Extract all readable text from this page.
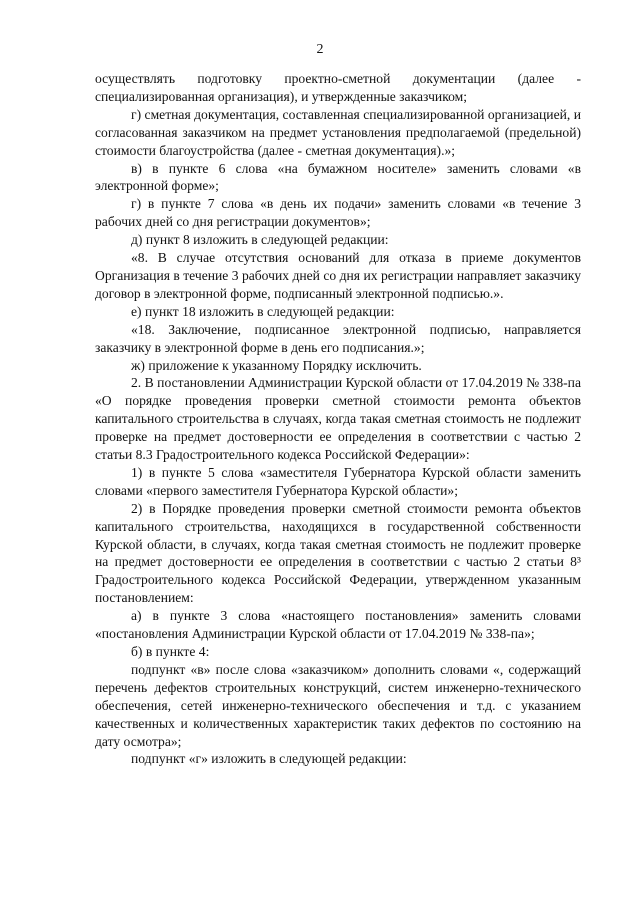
2

осуществлять подготовку проектно-сметной документации (далее - специализированная организация), и утвержденные заказчиком;

г) сметная документация, составленная специализированной организацией, и согласованная заказчиком на предмет установления предполагаемой (предельной) стоимости благоустройства (далее - сметная документация).»;

в) в пункте 6 слова «на бумажном носителе» заменить словами «в электронной форме»;

г) в пункте 7 слова «в день их подачи» заменить словами «в течение 3 рабочих дней со дня регистрации документов»;

д) пункт 8 изложить в следующей редакции:

«8. В случае отсутствия оснований для отказа в приеме документов Организация в течение 3 рабочих дней со дня их регистрации направляет заказчику договор в электронной форме, подписанный электронной подписью.».

е) пункт 18 изложить в следующей редакции:

«18. Заключение, подписанное электронной подписью, направляется заказчику в электронной форме в день его подписания.»;

ж) приложение к указанному Порядку исключить.

2. В постановлении Администрации Курской области от 17.04.2019 № 338-па «О порядке проведения проверки сметной стоимости ремонта объектов капитального строительства в случаях, когда такая сметная стоимость не подлежит проверке на предмет достоверности ее определения в соответствии с частью 2 статьи 8.3 Градостроительного кодекса Российской Федерации»:

1) в пункте 5 слова «заместителя Губернатора Курской области заменить словами «первого заместителя Губернатора Курской области»;

2) в Порядке проведения проверки сметной стоимости ремонта объектов капитального строительства, находящихся в государственной собственности Курской области, в случаях, когда такая сметная стоимость не подлежит проверке на предмет достоверности ее определения в соответствии с частью 2 статьи 8³ Градостроительного кодекса Российской Федерации, утвержденном указанным постановлением:

а) в пункте 3 слова «настоящего постановления» заменить словами «постановления Администрации Курской области от 17.04.2019 № 338-па»;

б) в пункте 4:

подпункт «в» после слова «заказчиком» дополнить словами «, содержащий перечень дефектов строительных конструкций, систем инженерно-технического обеспечения, сетей инженерно-технического обеспечения и т.д. с указанием качественных и количественных характеристик таких дефектов по состоянию на дату осмотра»;

подпункт «г» изложить в следующей редакции:
